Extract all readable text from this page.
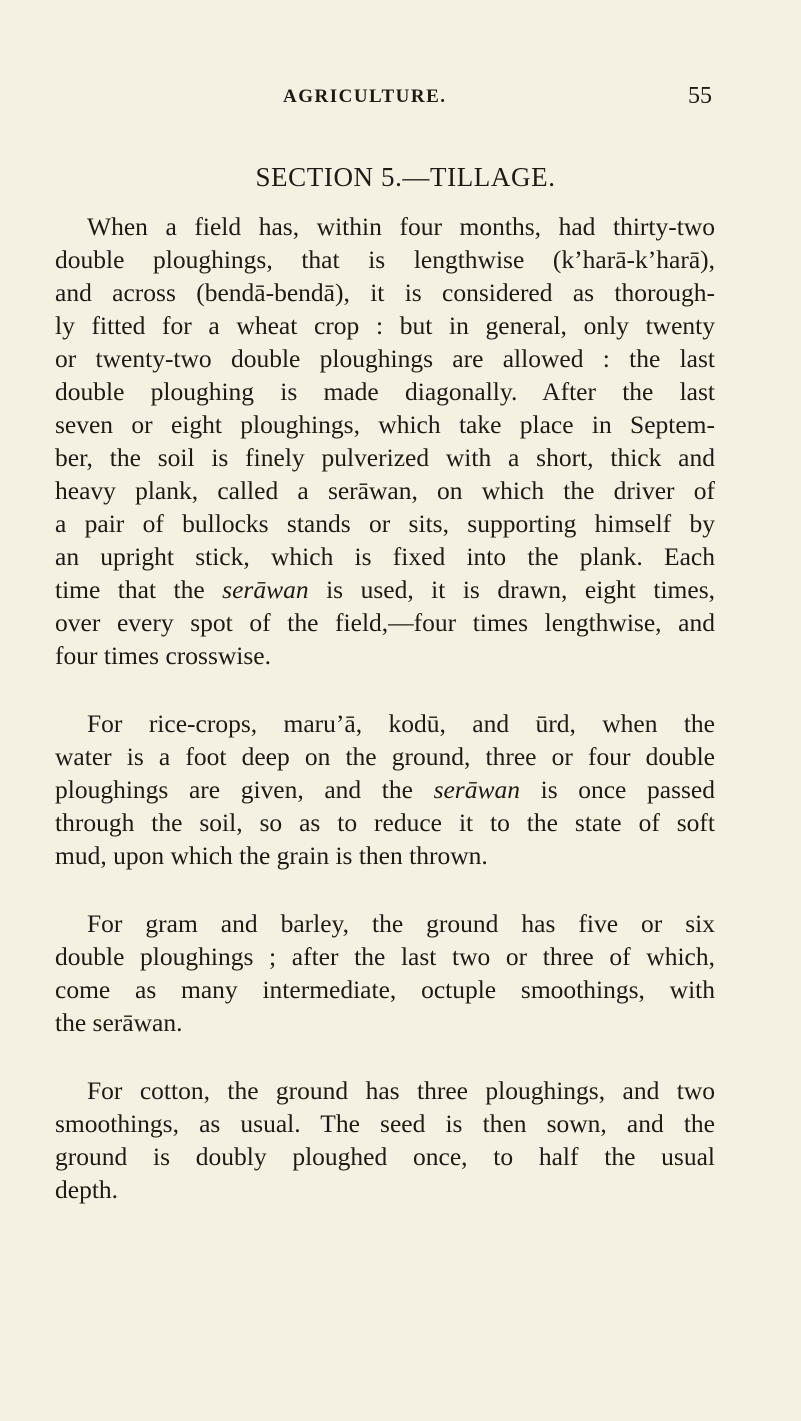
AGRICULTURE.	55
SECTION 5.—TILLAGE.
When a field has, within four months, had thirty-two
double ploughings, that is lengthwise (k’harā-k’harā),
and across (bendā-bendā), it is considered as thorough-
ly fitted for a wheat crop : but in general, only twenty
or twenty-two double ploughings are allowed : the last
double ploughing is made diagonally. After the last
seven or eight ploughings, which take place in Septem-
ber, the soil is finely pulverized with a short, thick and
heavy plank, called a serāwan, on which the driver of
a pair of bullocks stands or sits, supporting himself by
an upright stick, which is fixed into the plank. Each
time that the serāwan is used, it is drawn, eight times,
over every spot of the field,—four times lengthwise, and
four times crosswise.
For rice-crops, maru’ā, kodū, and ūrd, when the
water is a foot deep on the ground, three or four double
ploughings are given, and the serāwan is once passed
through the soil, so as to reduce it to the state of soft
mud, upon which the grain is then thrown.
For gram and barley, the ground has five or six
double ploughings ; after the last two or three of which,
come as many intermediate, octuple smoothings, with
the serāwan.
For cotton, the ground has three ploughings, and two
smoothings, as usual. The seed is then sown, and the
ground is doubly ploughed once, to half the usual
depth.
